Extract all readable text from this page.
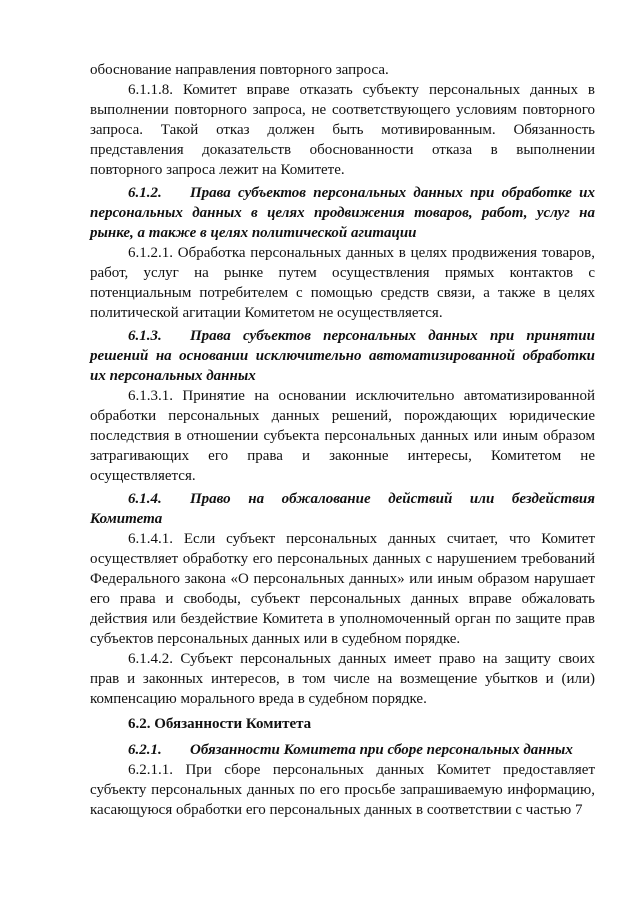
обоснование направления повторного запроса.

6.1.1.8. Комитет вправе отказать субъекту персональных данных в выполнении повторного запроса, не соответствующего условиям повторного запроса. Такой отказ должен быть мотивированным. Обязанность представления доказательств обоснованности отказа в выполнении повторного запроса лежит на Комитете.

6.1.2. Права субъектов персональных данных при обработке их персональных данных в целях продвижения товаров, работ, услуг на рынке, а также в целях политической агитации

6.1.2.1. Обработка персональных данных в целях продвижения товаров, работ, услуг на рынке путем осуществления прямых контактов с потенциальным потребителем с помощью средств связи, а также в целях политической агитации Комитетом не осуществляется.

6.1.3. Права субъектов персональных данных при принятии решений на основании исключительно автоматизированной обработки их персональных данных

6.1.3.1. Принятие на основании исключительно автоматизированной обработки персональных данных решений, порождающих юридические последствия в отношении субъекта персональных данных или иным образом затрагивающих его права и законные интересы, Комитетом не осуществляется.

6.1.4. Право на обжалование действий или бездействия Комитета

6.1.4.1. Если субъект персональных данных считает, что Комитет осуществляет обработку его персональных данных с нарушением требований Федерального закона «О персональных данных» или иным образом нарушает его права и свободы, субъект персональных данных вправе обжаловать действия или бездействие Комитета в уполномоченный орган по защите прав субъектов персональных данных или в судебном порядке.

6.1.4.2. Субъект персональных данных имеет право на защиту своих прав и законных интересов, в том числе на возмещение убытков и (или) компенсацию морального вреда в судебном порядке.

6.2. Обязанности Комитета

6.2.1. Обязанности Комитета при сборе персональных данных

6.2.1.1. При сборе персональных данных Комитет предоставляет субъекту персональных данных по его просьбе запрашиваемую информацию, касающуюся обработки его персональных данных в соответствии с частью 7
